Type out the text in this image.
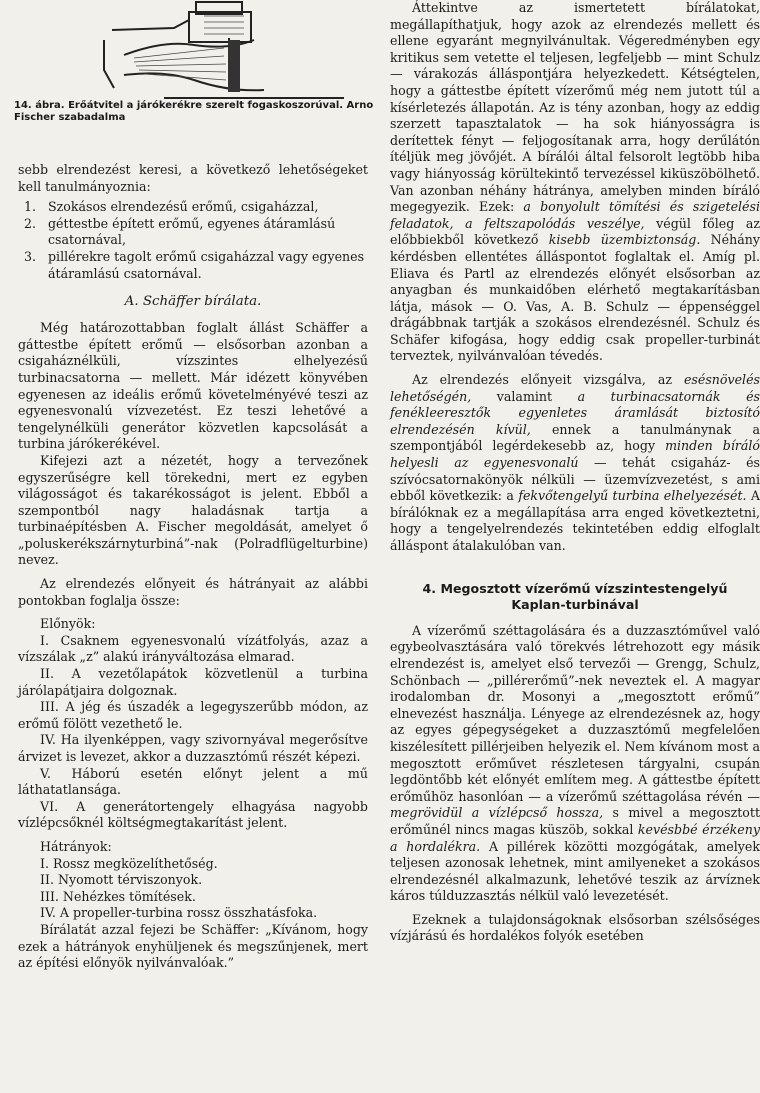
14. ábra. Erőátvitel a járókerékre szerelt fogaskoszorúval. Arno Fischer szabadalma

sebb elrendezést keresi, a következő lehetőségeket kell tanulmányoznia:

1. Szokásos elrendezésű erőmű, csigaházzal,
2. géttestbe épített erőmű, egyenes átáramlású csatornával,
3. pillérekre tagolt erőmű csigaházzal vagy egyenes átáramlású csatornával.
A. Schäffer bírálata.

Még határozottabban foglalt állást Schäffer a gáttestbe épített erőmű — elsősorban azonban a csigaháznélküli, vízszintes elhelyezésű turbinacsatorna — mellett. Már idézett könyvében egyenesen az ideális erőmű követelményévé teszi az egyenesvonalú vízvezetést. Ez teszi lehetővé a tengelynélküli generátor közvetlen kapcsolását a turbina járókerékével.

Kifejezi azt a nézetét, hogy a tervezőnek egyszerűségre kell törekedni, mert ez egyben világosságot és takarékosságot is jelent. Ebből a szempontból nagy haladásnak tartja a turbinaépítésben A. Fischer megoldását, amelyet ő „poluskerékszárnyturbiná”-nak (Polradflügelturbine) nevez.

Az elrendezés előnyeit és hátrányait az alábbi pontokban foglalja össze:

Előnyök:

I. Csaknem egyenesvonalú vízátfolyás, azaz a vízszálak „z” alakú irányváltozása elmarad.

II. A vezetőlapátok közvetlenül a turbina járólapátjaira dolgoznak.

III. A jég és úszadék a legegyszerűbb módon, az erőmű fölött vezethető le.

IV. Ha ilyenképpen, vagy szivornyával megerősítve árvizet is levezet, akkor a duzzasztómű részét képezi.

V. Háború esetén előnyt jelent a mű láthatatlansága.

VI. A generátortengely elhagyása nagyobb vízlépcsőknél költségmegtakarítást jelent.

Hátrányok:

I. Rossz megközelíthetőség.

II. Nyomott térviszonyok.

III. Nehézkes tömítések.

IV. A propeller-turbina rossz összhatásfoka.

Bírálatát azzal fejezi be Schäffer: „Kívánom, hogy ezek a hátrányok enyhüljenek és megszűnjenek, mert az építési előnyök nyilvánvalóak.”

Áttekintve az ismertetett bírálatokat, megállapíthatjuk, hogy azok az elrendezés mellett és ellene egyaránt megnyilvánultak. Végeredményben egy kritikus sem vetette el teljesen, legfeljebb — mint Schulz — várakozás álláspontjára helyezkedett. Kétségtelen, hogy a gáttestbe épített vízerőmű még nem jutott túl a kísérletezés állapotán. Az is tény azonban, hogy az eddig szerzett tapasztalatok — ha sok hiányosságra is derítettek fényt — feljogosítanak arra, hogy derűlátón ítéljük meg jövőjét. A bírálói által felsorolt legtöbb hiba vagy hiányosság körültekintő tervezéssel kiküszöbölhető. Van azonban néhány hátránya, amelyben minden bíráló megegyezik. Ezek: a bonyolult tömítési és szigetelési feladatok, a feltszapolódás veszélye, végül főleg az előbbiekből következő kisebb üzembiztonság. Néhány kérdésben ellentétes álláspontot foglaltak el. Amíg pl. Eliava és Partl az elrendezés előnyét elsősorban az anyagban és munkaidőben elérhető megtakarításban látja, mások — O. Vas, A. B. Schulz — éppenséggel drágábbnak tartják a szokásos elrendezésnél. Schulz és Schäfer kifogása, hogy eddig csak propeller-turbinát terveztek, nyilvánvalóan tévedés.

Az elrendezés előnyeit vizsgálva, az esésnövelés lehetőségén, valamint a turbinacsatornák és fenékleeresztők egyenletes áramlását biztosító elrendezésén kívül, ennek a tanulmánynak a szempontjából legérdekesebb az, hogy minden bíráló helyesli az egyenesvonalú — tehát csigaház- és szívócsatornakönyök nélküli — üzemvízvezetést, s ami ebből következik: a fekvőtengelyű turbina elhelyezését. A bírálóknak ez a megállapítása arra enged következtetni, hogy a tengelyelrendezés tekintetében eddig elfoglalt álláspont átalakulóban van.

4. Megosztott vízerőmű vízszintestengelyű
Kaplan-turbinával

A vízerőmű széttagolására és a duzzasztóművel való egybeolvasztására való törekvés létrehozott egy másik elrendezést is, amelyet első tervezői — Grengg, Schulz, Schönbach — „pillérerőmű”-nek neveztek el. A magyar irodalomban dr. Mosonyi a „megosztott erőmű” elnevezést használja. Lényege az elrendezésnek az, hogy az egyes gépegységeket a duzzasztómű megfelelően kiszélesített pillérjeiben helyezik el. Nem kívánom most a megosztott erőművet részletesen tárgyalni, csupán legdöntőbb két előnyét említem meg. A gáttestbe épített erőműhöz hasonlóan — a vízerőmű széttagolása révén — megrövidül a vízlépcső hossza, s mivel a megosztott erőműnél nincs magas küszöb, sokkal kevésbbé érzékeny a hordalékra. A pillérek közötti mozgógátak, amelyek teljesen azonosak lehetnek, mint amilyeneket a szokásos elrendezésnél alkalmazunk, lehetővé teszik az árvíznek káros túlduzzasztás nélkül való levezetését.

Ezeknek a tulajdonságoknak elsősorban szélsőséges vízjárású és hordalékos folyók esetében
